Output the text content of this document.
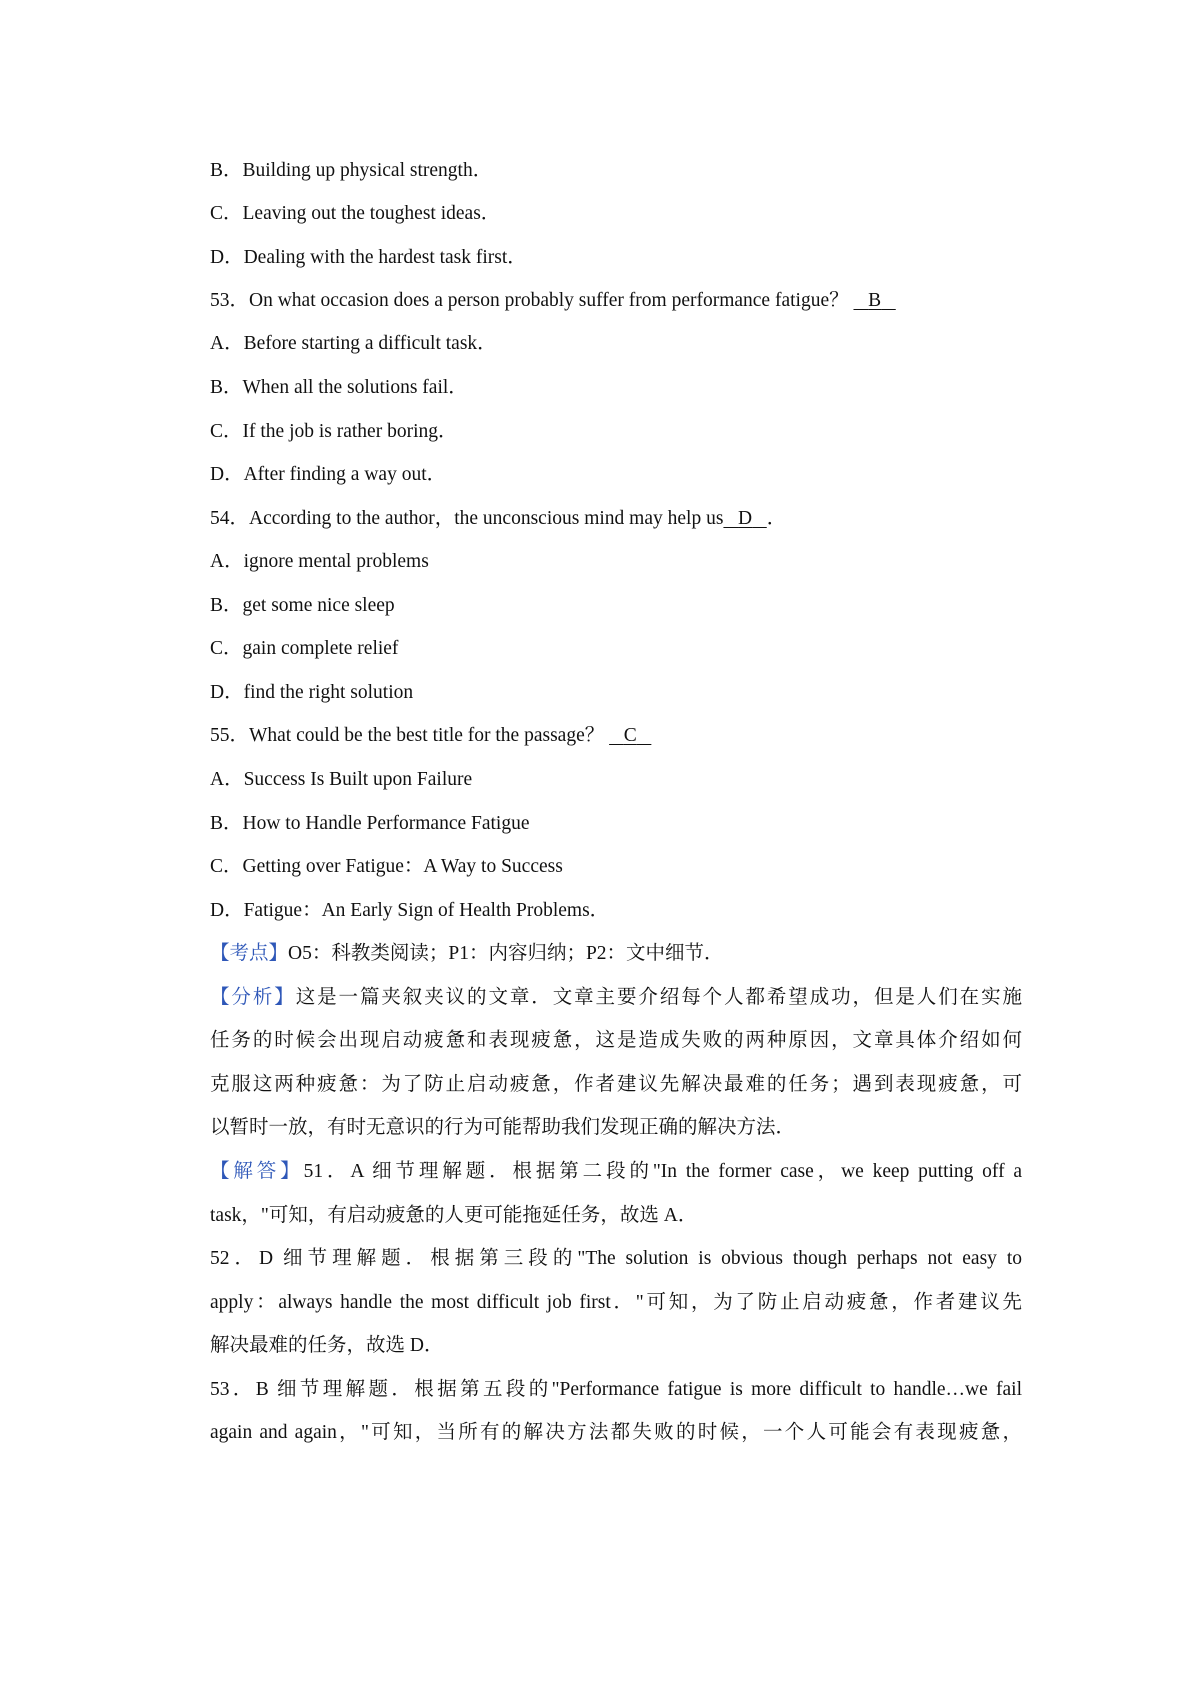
B．Building up physical strength．
C．Leaving out the toughest ideas．
D．Dealing with the hardest task first．
53．On what occasion does a person probably suffer from performance fatigue？ B
A．Before starting a difficult task．
B．When all the solutions fail．
C．If the job is rather boring．
D．After finding a way out．
54．According to the author，the unconscious mind may help us D ．
A．ignore mental problems
B．get some nice sleep
C．gain complete relief
D．find the right solution
55．What could be the best title for the passage？ C
A．Success Is Built upon Failure
B．How to Handle Performance Fatigue
C．Getting over Fatigue：A Way to Success
D．Fatigue：An Early Sign of Health Problems．
【考点】O5：科教类阅读；P1：内容归纳；P2：文中细节．
【分析】这是一篇夹叙夹议的文章．文章主要介绍每个人都希望成功，但是人们在实施
任务的时候会出现启动疲惫和表现疲惫，这是造成失败的两种原因，文章具体介绍如何
克服这两种疲惫：为了防止启动疲惫，作者建议先解决最难的任务；遇到表现疲惫，可
以暂时一放，有时无意识的行为可能帮助我们发现正确的解决方法．
【解答】51．A 细节理解题．根据第二段的"In the former case，we keep putting off a
task，"可知，有启动疲惫的人更可能拖延任务，故选 A．
52．D 细节理解题．根据第三段的"The solution is obvious though perhaps not easy to
apply：always handle the most difficult job first．"可知，为了防止启动疲惫，作者建议先
解决最难的任务，故选 D．
53．B 细节理解题．根据第五段的"Performance fatigue is more difficult to handle…we fail
again and again，"可知，当所有的解决方法都失败的时候，一个人可能会有表现疲惫，
